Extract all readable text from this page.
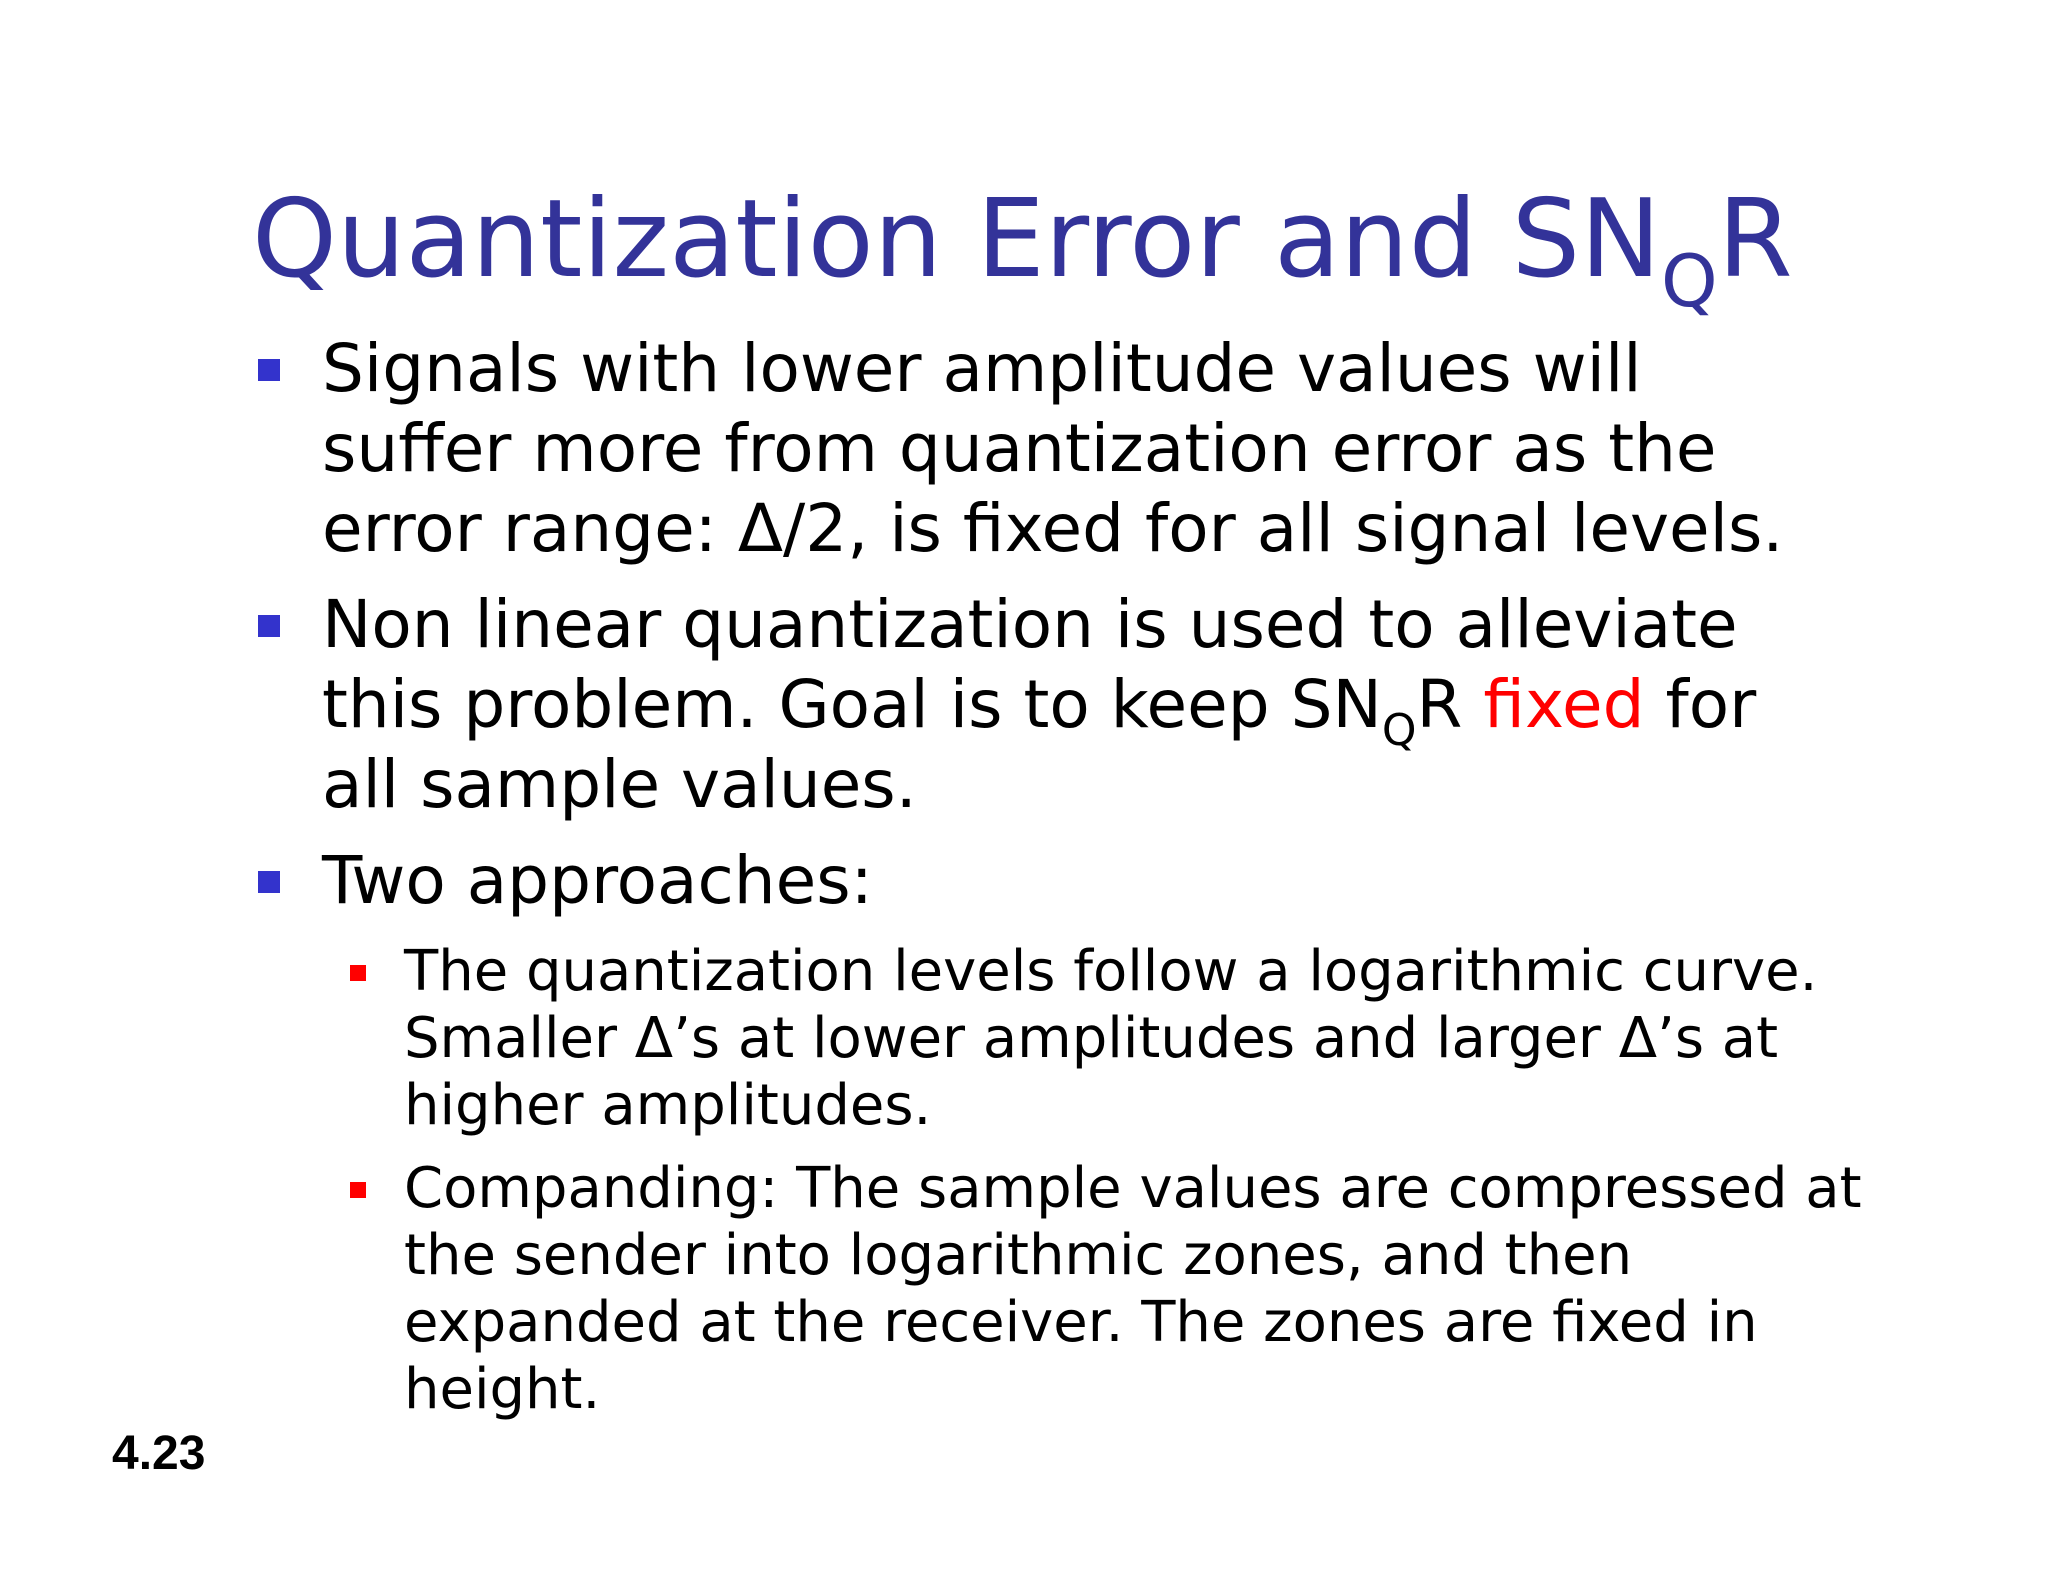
Quantization Error and $SN_QR$
Signals with lower amplitude values will suffer more from quantization error as the error range: Δ/2, is fixed for all signal levels.
Non linear quantization is used to alleviate this problem. Goal is to keep $SN_QR$ fixed for all sample values.
Two approaches:
The quantization levels follow a logarithmic curve. Smaller Δ’s at lower amplitudes and larger Δ’s at higher amplitudes.
Companding: The sample values are compressed at the sender into logarithmic zones, and then expanded at the receiver. The zones are fixed in height.
4.23
